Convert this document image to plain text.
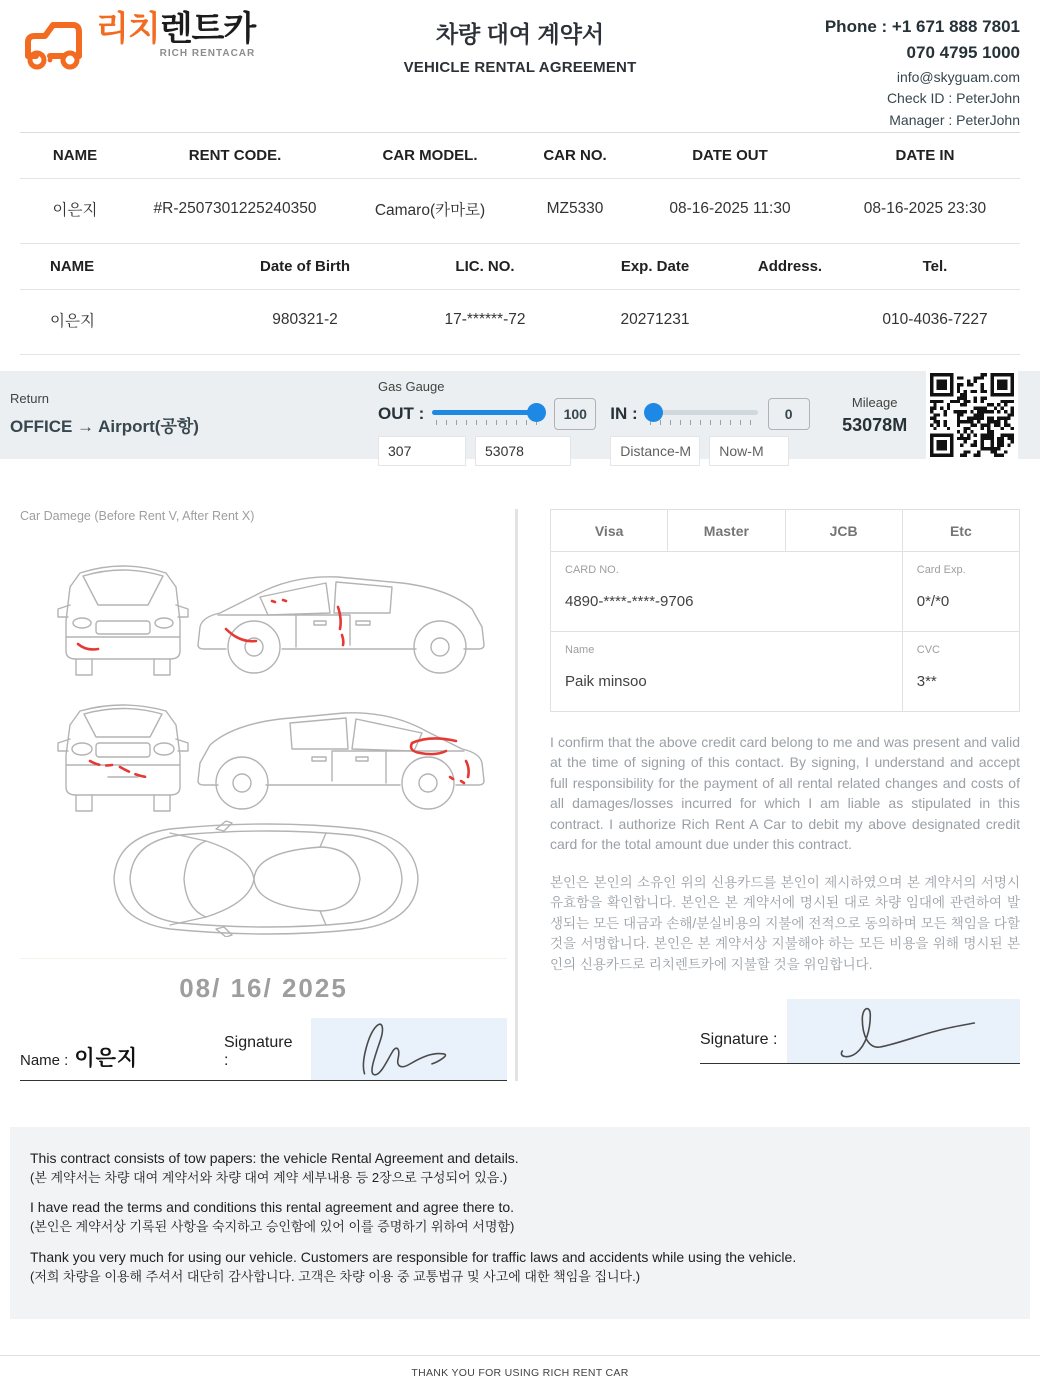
리치렌트카
RICH RENTACAR
차량 대여 계약서
VEHICLE RENTAL AGREEMENT
Phone : +1 671 888 7801
070 4795 1000
info@skyguam.com
Check ID : PeterJohn
Manager : PeterJohn
NAME	RENT CODE.	CAR MODEL.	CAR NO.	DATE OUT	DATE IN
이은지	#R-2507301225240350	Camaro(카마로)	MZ5330	08-16-2025 11:30	08-16-2025 23:30
NAME	Date of Birth	LIC. NO.	Exp. Date	Address.	Tel.
이은지	980321-2	17-******-72	20271231		010-4036-7227
Return
OFFICE → Airport(공항)
Gas Gauge
OUT :	100
307
53078	IN :	0
Distance-M
Now-M
Mileage
53078M
Car Damege (Before Rent V, After Rent X)
08/ 16/ 2025
Name : 이은지
Signature :
Visa	Master	JCB	Etc

CARD NO.
4890-****-****-9706

Card Exp.
0*/*0

Name
Paik minsoo

CVC
3**

I confirm that the above credit card belong to me and was present and valid at the time of signing of this contact. By signing, I understand and accept full responsibility for the payment of all rental related changes and costs of all damages/losses incurred for which I am liable as stipulated in this contract. I authorize Rich Rent A Car to debit my above designated credit card for the total amount due under this contract.

본인은 본인의 소유인 위의 신용카드를 본인이 제시하였으며 본 계약서의 서명시 유효함을 확인합니다. 본인은 본 계약서에 명시된 대로 차량 임대에 관련하여 발생되는 모든 대금과 손해/분실비용의 지불에 전적으로 동의하며 모든 책임을 다할 것을 서명합니다. 본인은 본 계약서상 지불해야 하는 모든 비용을 위해 명시된 본인의 신용카드로 리치렌트카에 지불할 것을 위임합니다.

Signature :
This contract consists of tow papers: the vehicle Rental Agreement and details.
(본 계약서는 차량 대여 계약서와 차량 대여 계약 세부내용 등 2장으로 구성되어 있음.)
I have read the terms and conditions this rental agreement and agree there to.
(본인은 계약서상 기록된 사항을 숙지하고 승인함에 있어 이를 증명하기 위하여 서명함)
Thank you very much for using our vehicle. Customers are responsible for traffic laws and accidents while using the vehicle.
(저희 차량을 이용해 주셔서 대단히 감사합니다. 고객은 차량 이용 중 교통법규 및 사고에 대한 책임을 집니다.)
THANK YOU FOR USING RICH RENT CAR
